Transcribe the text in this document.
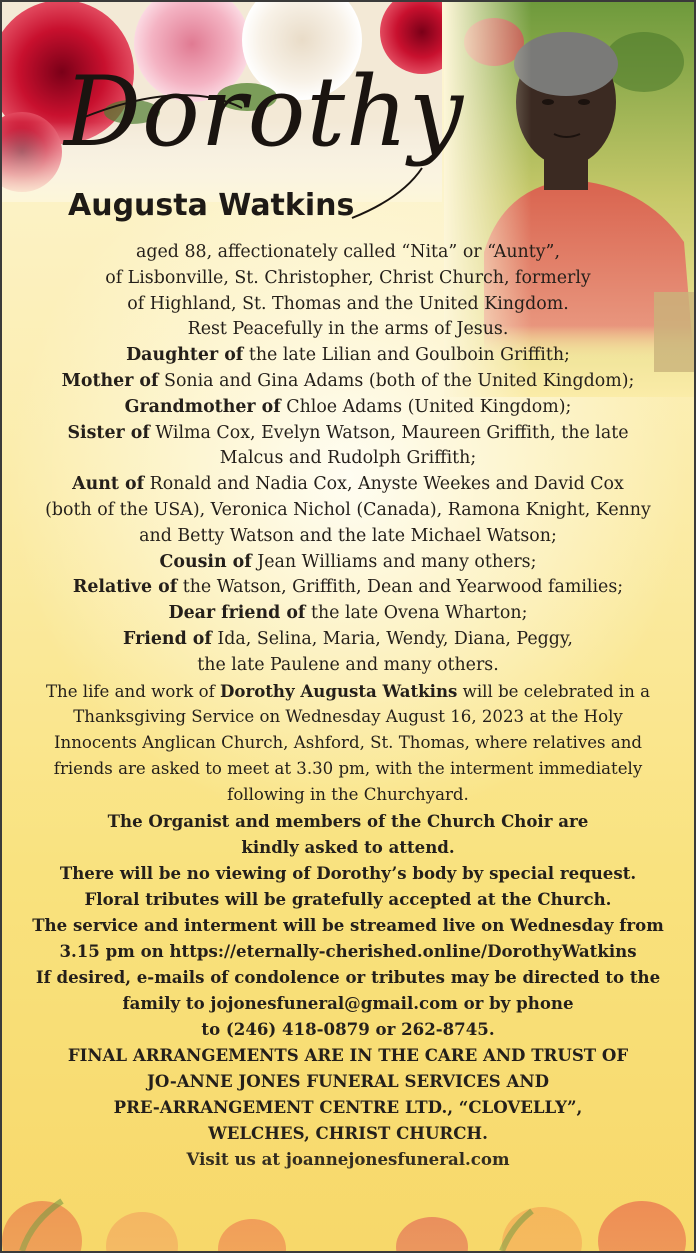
Dorothy
Augusta Watkins
aged 88, affectionately called “Nita” or “Aunty”,
of Lisbonville, St. Christopher, Christ Church, formerly
of Highland, St. Thomas and the United Kingdom.
Rest Peacefully in the arms of Jesus.
Daughter of the late Lilian and Goulboin Griffith;
Mother of Sonia and Gina Adams (both of the United Kingdom);
Grandmother of Chloe Adams (United Kingdom);
Sister of Wilma Cox, Evelyn Watson, Maureen Griffith, the late
Malcus and Rudolph Griffith;
Aunt of Ronald and Nadia Cox, Anyste Weekes and David Cox
(both of the USA), Veronica Nichol (Canada), Ramona Knight, Kenny
and Betty Watson and the late Michael Watson;
Cousin of Jean Williams and many others;
Relative of the Watson, Griffith, Dean and Yearwood families;
Dear friend of the late Ovena Wharton;
Friend of Ida, Selina, Maria, Wendy, Diana, Peggy,
the late Paulene and many others.
The life and work of Dorothy Augusta Watkins will be celebrated in a
Thanksgiving Service on Wednesday August 16, 2023 at the Holy
Innocents Anglican Church, Ashford, St. Thomas, where relatives and
friends are asked to meet at 3.30 pm, with the interment immediately
following in the Churchyard.
The Organist and members of the Church Choir are
kindly asked to attend.
There will be no viewing of Dorothy’s body by special request.
Floral tributes will be gratefully accepted at the Church.
The service and interment will be streamed live on Wednesday from
3.15 pm on https://eternally-cherished.online/DorothyWatkins
If desired, e-mails of condolence or tributes may be directed to the
family to jojonesfuneral@gmail.com or by phone
to (246) 418-0879 or 262-8745.
FINAL ARRANGEMENTS ARE IN THE CARE AND TRUST OF
JO-ANNE JONES FUNERAL SERVICES AND
PRE-ARRANGEMENT CENTRE LTD., “CLOVELLY”,
